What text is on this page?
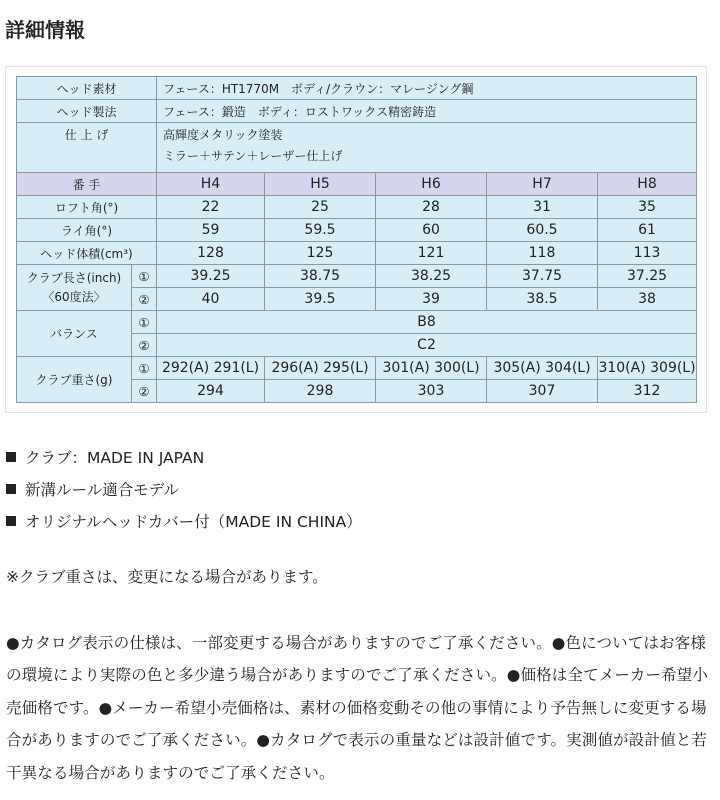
詳細情報
ヘッド素材		フェース：HT1770M　ボディ/クラウン：マレージング鋼				
ヘッド製法		フェース：鍛造　ボディ：ロストワックス精密鋳造				
仕 上 げ		高輝度メタリック塗装
ミラー＋サテン＋レーザー仕上げ				

番 手		H4	H5	H6	H7	H8
ロフト角(°)		22	25	28	31	35
ライ角(°)		59	59.5	60	60.5	61
ヘッド体積(cm³)		128	125	121	118	113

クラブ長さ(inch)
〈60度法〉	①	39.25	38.75	38.25	37.75	37.25
	②	40	39.5	39	38.5	38
バランス	①	B8				
	②	C2				
クラブ重さ(g)	①	292(A) 291(L)	296(A) 295(L)	301(A) 300(L)	305(A) 304(L)	310(A) 309(L)
	②	294	298	303	307	312
クラブ：MADE IN JAPAN
新溝ルール適合モデル
オリジナルヘッドカバー付（MADE IN CHINA）
※クラブ重さは、変更になる場合があります。
●カタログ表示の仕様は、一部変更する場合がありますのでご了承ください。●色についてはお客様の環境により実際の色と多少違う場合がありますのでご了承ください。●価格は全てメーカー希望小売価格です。●メーカー希望小売価格は、素材の価格変動その他の事情により予告無しに変更する場合がありますのでご了承ください。●カタログで表示の重量などは設計値です。実測値が設計値と若干異なる場合がありますのでご了承ください。
